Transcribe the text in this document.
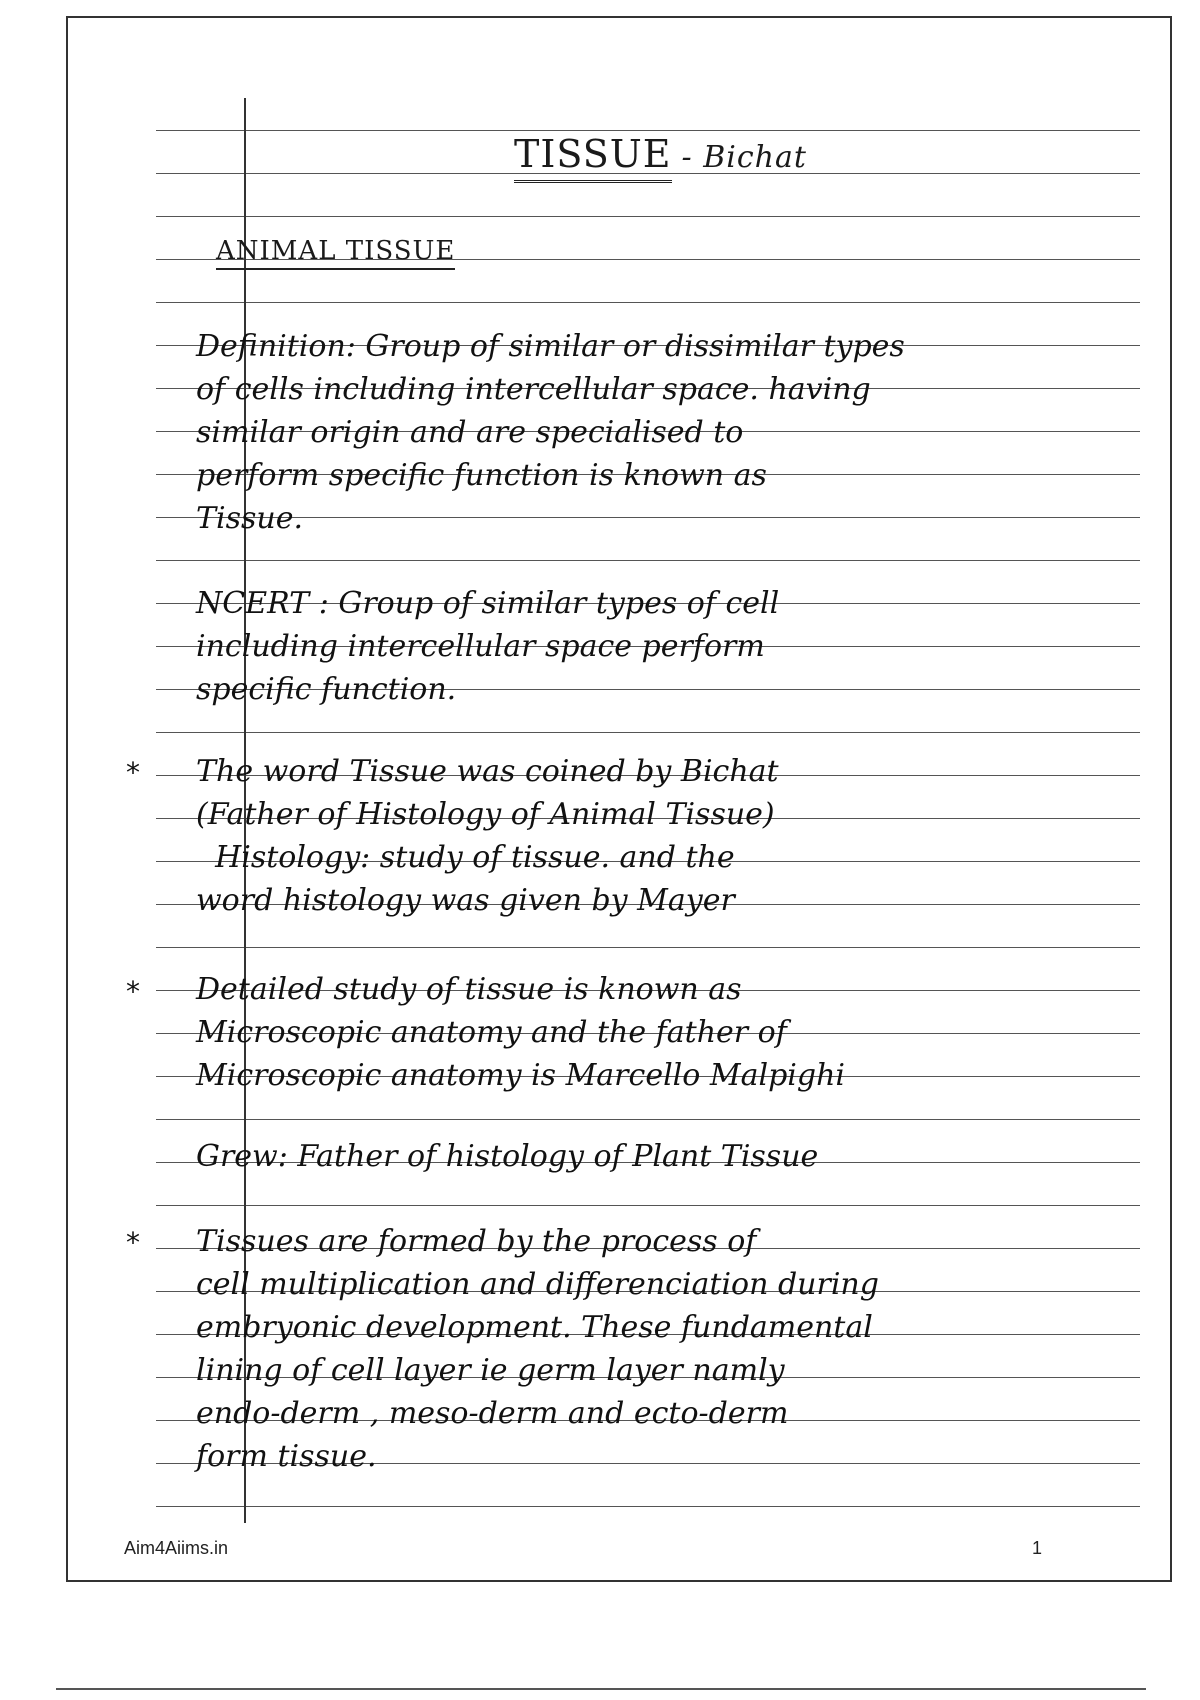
TISSUE - Bichat
ANIMAL TISSUE
Definition: Group of similar or dissimilar types
of cells including intercellular space. having
similar origin and are specialised to
perform specific function is known as
Tissue.
NCERT : Group of similar types of cell
including intercellular space perform
specific function.
* The word Tissue was coined by Bichat
(Father of Histology of Animal Tissue)
Histology: study of tissue. and the
word histology was given by Mayer
* Detailed study of tissue is known as
Microscopic anatomy and the father of
Microscopic anatomy is Marcello Malpighi
Grew: Father of histology of Plant Tissue
* Tissues are formed by the process of
cell multiplication and differenciation during
embryonic development. These fundamental
lining of cell layer ie germ layer namly
endo-derm , meso-derm and ecto-derm
form tissue.
Aim4Aiims.in	1
